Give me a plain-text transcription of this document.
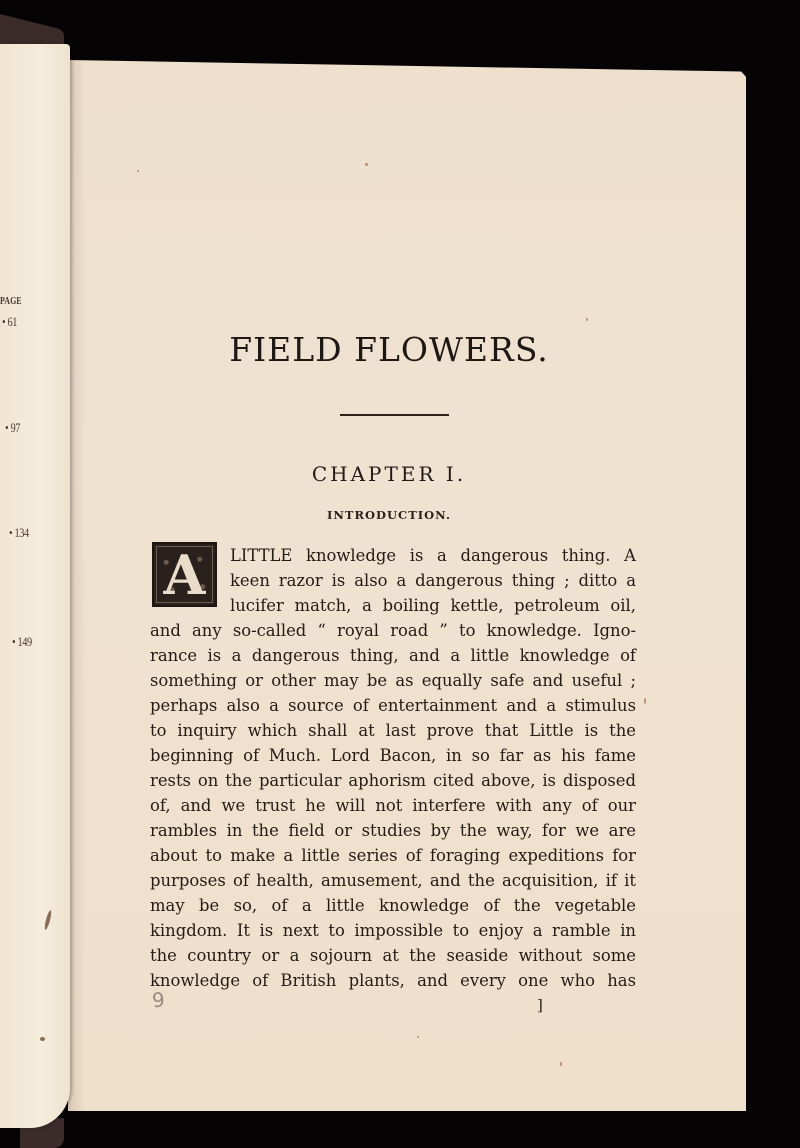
PAGE
• 61
• 97
• 134
• 149
FIELD FLOWERS.
CHAPTER I.
INTRODUCTION.
A LITTLE knowledge is a dangerous thing. A
keen razor is also a dangerous thing ; ditto a
lucifer match, a boiling kettle, petroleum oil,
and any so-called “ royal road ” to knowledge. Igno-
rance is a dangerous thing, and a little knowledge of
something or other may be as equally safe and useful ;
perhaps also a source of entertainment and a stimulus
to inquiry which shall at last prove that Little is the
beginning of Much. Lord Bacon, in so far as his fame
rests on the particular aphorism cited above, is disposed
of, and we trust he will not interfere with any of our
rambles in the field or studies by the way, for we are
about to make a little series of foraging expeditions for
purposes of health, amusement, and the acquisition, if it
may be so, of a little knowledge of the vegetable
kingdom. It is next to impossible to enjoy a ramble in
the country or a sojourn at the seaside without some
knowledge of British plants, and every one who has
9	]
